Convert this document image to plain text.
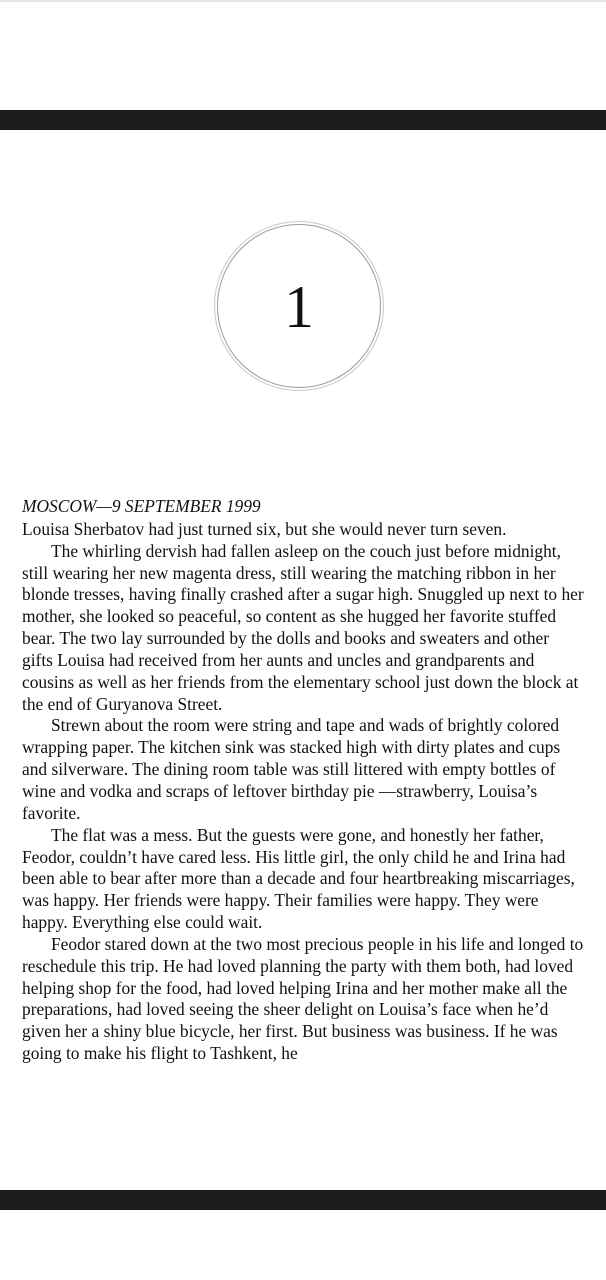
1

MOSCOW—9 SEPTEMBER 1999

Louisa Sherbatov had just turned six, but she would never turn seven.

The whirling dervish had fallen asleep on the couch just before midnight, still wearing her new magenta dress, still wearing the matching ribbon in her blonde tresses, having finally crashed after a sugar high. Snuggled up next to her mother, she looked so peaceful, so content as she hugged her favorite stuffed bear. The two lay surrounded by the dolls and books and sweaters and other gifts Louisa had received from her aunts and uncles and grandparents and cousins as well as her friends from the elementary school just down the block at the end of Guryanova Street.

Strewn about the room were string and tape and wads of brightly colored wrapping paper. The kitchen sink was stacked high with dirty plates and cups and silverware. The dining room table was still littered with empty bottles of wine and vodka and scraps of leftover birthday pie —strawberry, Louisa’s favorite.

The flat was a mess. But the guests were gone, and honestly her father, Feodor, couldn’t have cared less. His little girl, the only child he and Irina had been able to bear after more than a decade and four heartbreaking miscarriages, was happy. Her friends were happy. Their families were happy. They were happy. Everything else could wait.

Feodor stared down at the two most precious people in his life and longed to reschedule this trip. He had loved planning the party with them both, had loved helping shop for the food, had loved helping Irina and her mother make all the preparations, had loved seeing the sheer delight on Louisa’s face when he’d given her a shiny blue bicycle, her first. But business was business. If he was going to make his flight to Tashkent, he
